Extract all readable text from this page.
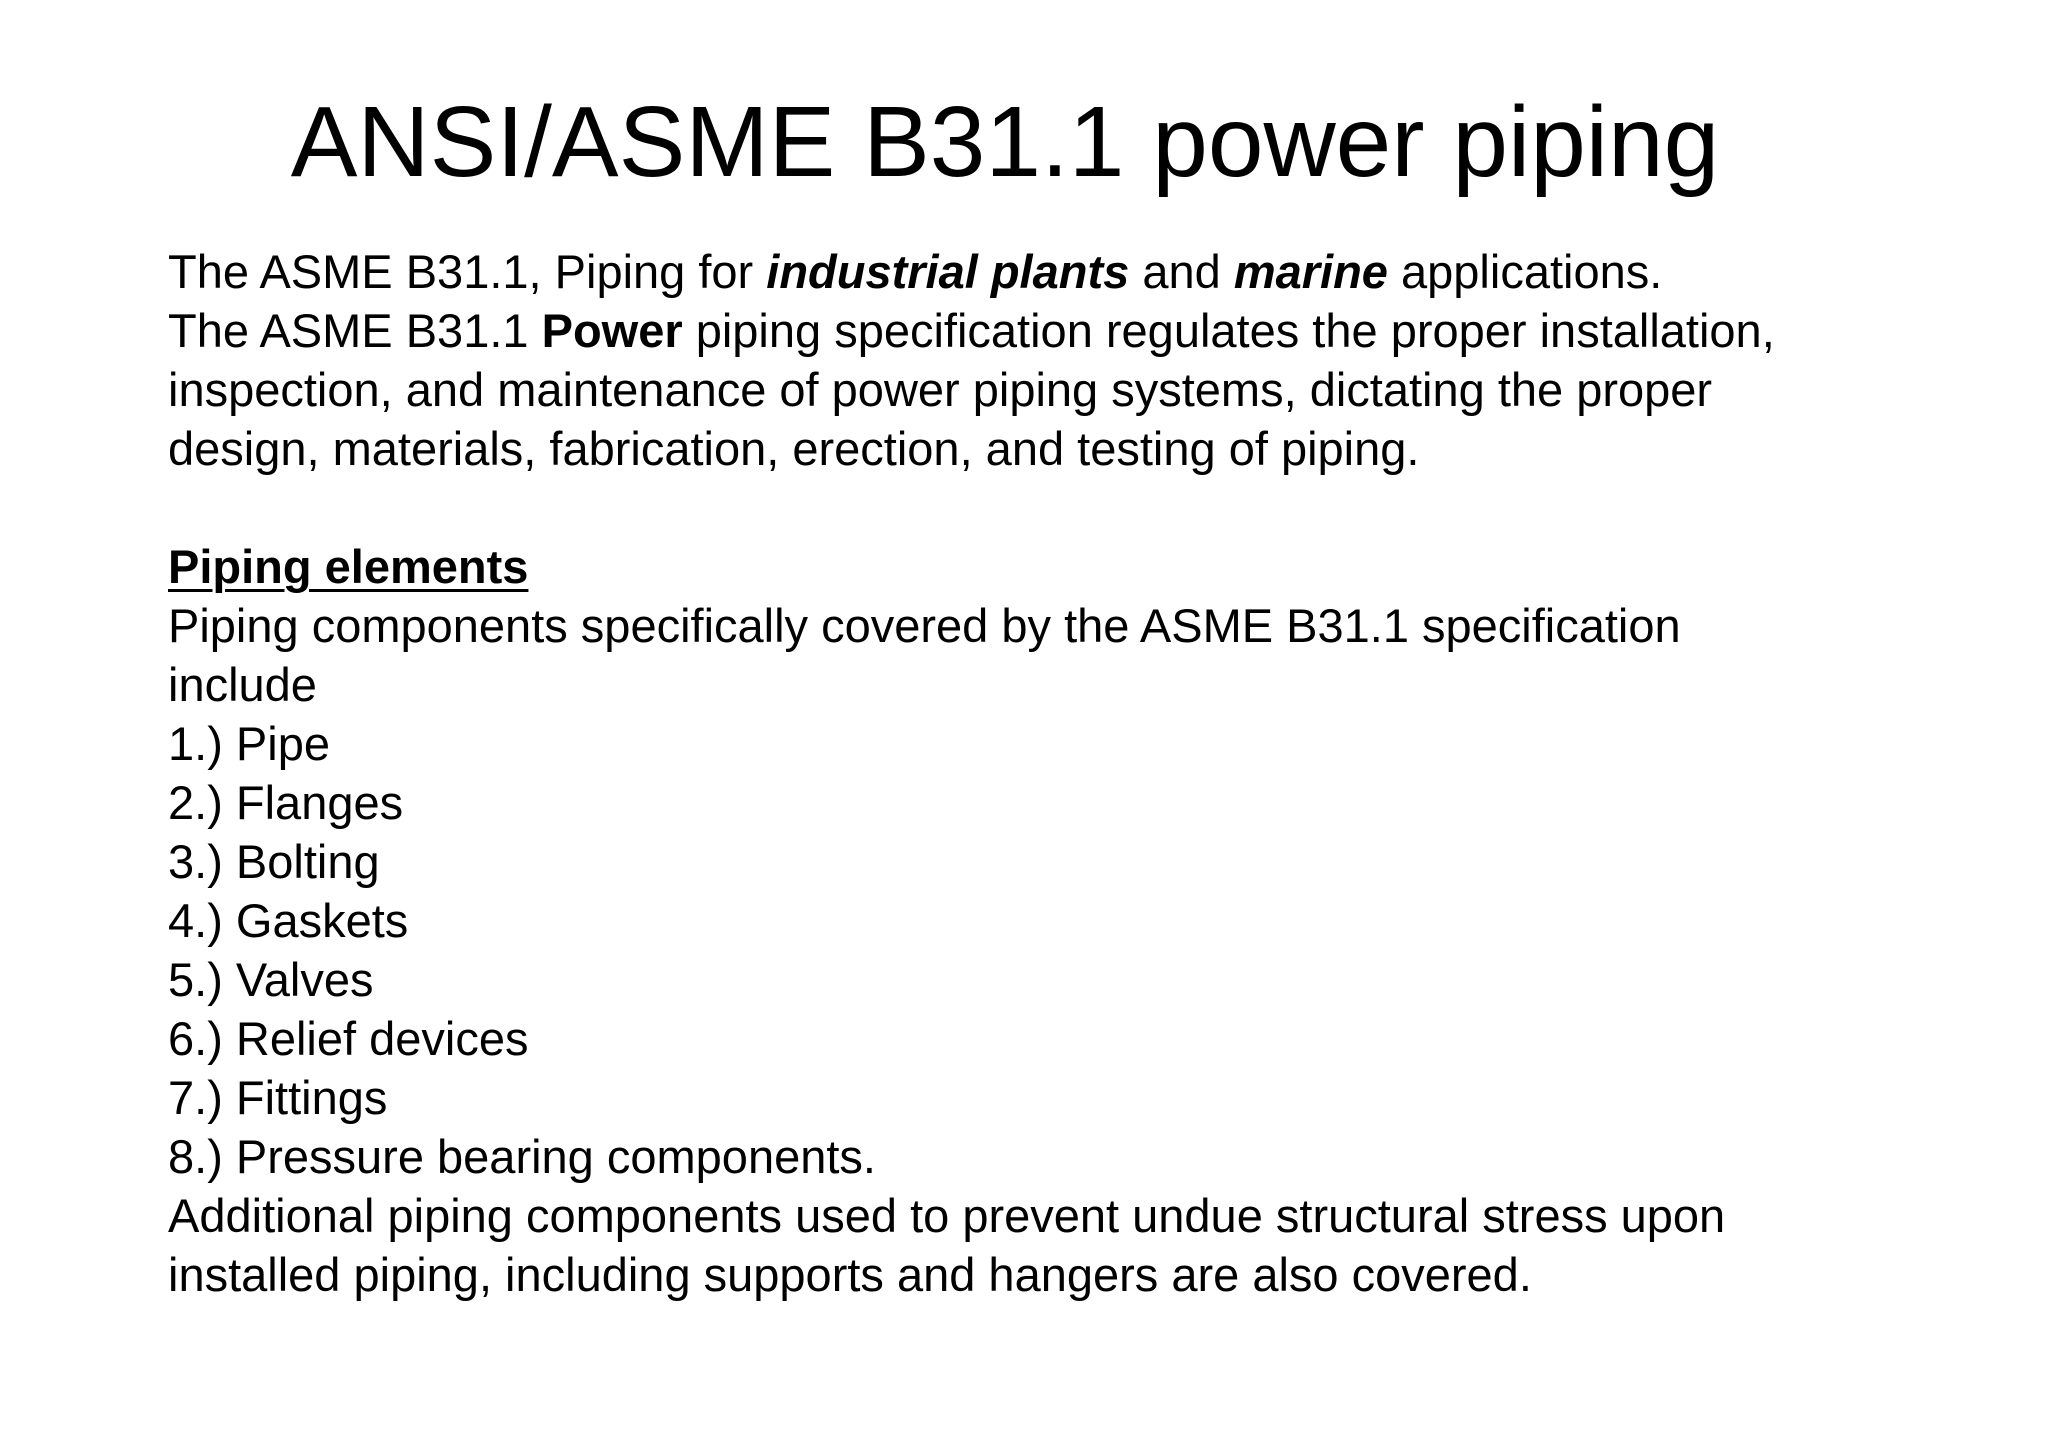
ANSI/ASME B31.1 power piping
The ASME B31.1, Piping for industrial plants and marine applications.
The ASME B31.1 Power piping specification regulates the proper installation,
inspection, and maintenance of power piping systems, dictating the proper
design, materials, fabrication, erection, and testing of piping.
Piping elements
Piping components specifically covered by the ASME B31.1 specification
include
1.) Pipe
2.) Flanges
3.) Bolting
4.) Gaskets
5.) Valves
6.) Relief devices
7.) Fittings
8.) Pressure bearing components.
Additional piping components used to prevent undue structural stress upon
installed piping, including supports and hangers are also covered.
